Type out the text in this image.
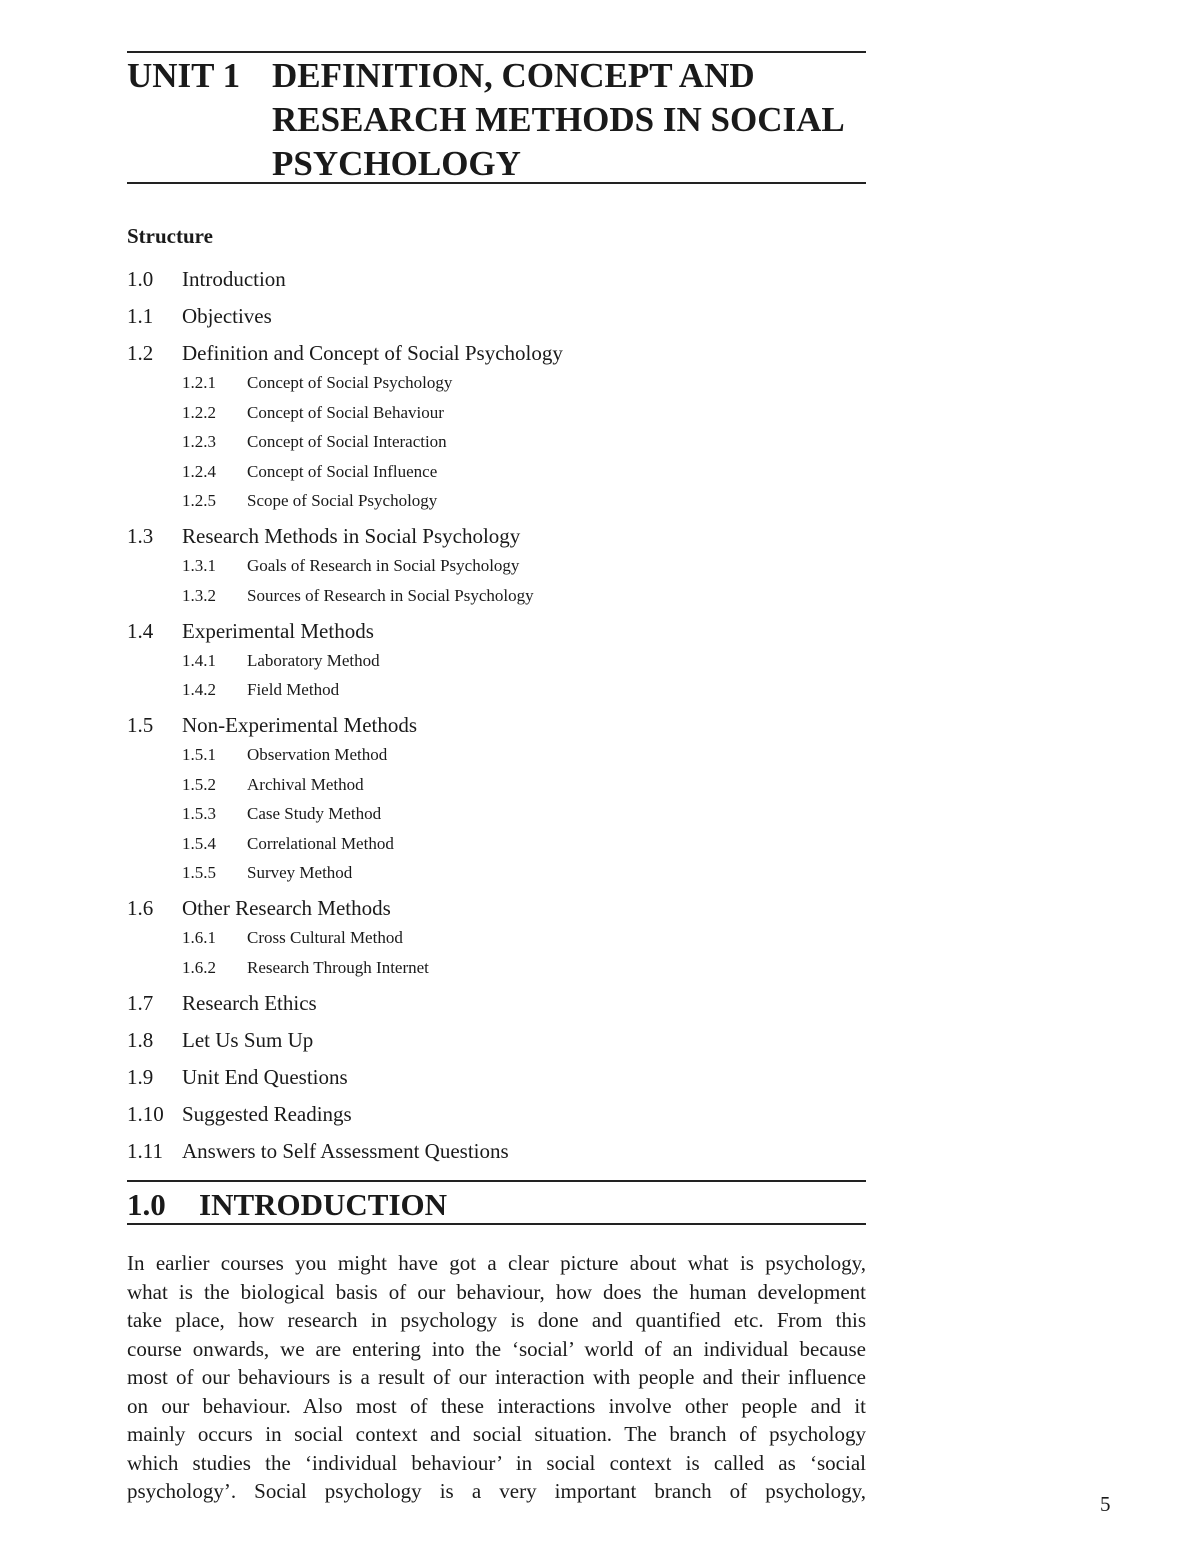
UNIT 1 DEFINITION, CONCEPT AND
RESEARCH METHODS IN SOCIAL
PSYCHOLOGY
Structure
1.0 Introduction
1.1 Objectives
1.2 Definition and Concept of Social Psychology
1.2.1 Concept of Social Psychology
1.2.2 Concept of Social Behaviour
1.2.3 Concept of Social Interaction
1.2.4 Concept of Social Influence
1.2.5 Scope of Social Psychology
1.3 Research Methods in Social Psychology
1.3.1 Goals of Research in Social Psychology
1.3.2 Sources of Research in Social Psychology
1.4 Experimental Methods
1.4.1 Laboratory Method
1.4.2 Field Method
1.5 Non-Experimental Methods
1.5.1 Observation Method
1.5.2 Archival Method
1.5.3 Case Study Method
1.5.4 Correlational Method
1.5.5 Survey Method
1.6 Other Research Methods
1.6.1 Cross Cultural Method
1.6.2 Research Through Internet
1.7 Research Ethics
1.8 Let Us Sum Up
1.9 Unit End Questions
1.10 Suggested Readings
1.11 Answers to Self Assessment Questions
1.0 INTRODUCTION
In earlier courses you might have got a clear picture about what is psychology,
what is the biological basis of our behaviour, how does the human development
take place, how research in psychology is done and quantified etc. From this
course onwards, we are entering into the ‘social’ world of an individual because
most of our behaviours is a result of our interaction with people and their influence
on our behaviour. Also most of these interactions involve other people and it
mainly occurs in social context and social situation. The branch of psychology
which studies the ‘individual behaviour’ in social context is called as ‘social
psychology’. Social psychology is a very important branch of psychology,
5
